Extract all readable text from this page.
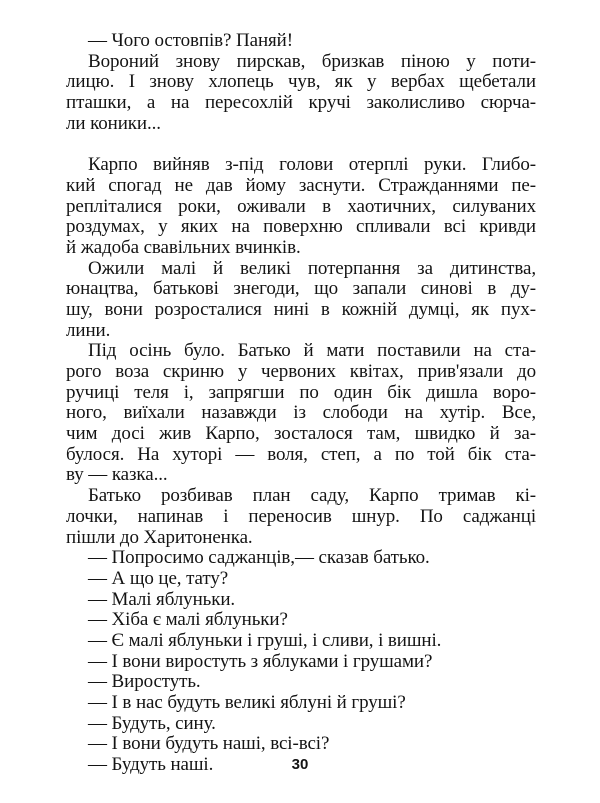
— Чого остовпів? Паняй!
Вороний знову пирскав, бризкав піною у поти-
лицю. І знову хлопець чув, як у вербах щебетали
пташки, а на пересохлій кручі заколисливо сюрча-
ли коники...
Карпо вийняв з-під голови отерплі руки. Глибо-
кий спогад не дав йому заснути. Стражданнями пе-
репліталися роки, оживали в хаотичних, силуваних
роздумах, у яких на поверхню спливали всі кривди
й жадоба свавільних вчинків.
Ожили малі й великі потерпання за дитинства,
юнацтва, батькові знегоди, що запали синові в ду-
шу, вони розросталися нині в кожній думці, як пух-
лини.
Під осінь було. Батько й мати поставили на ста-
рого воза скриню у червоних квітах, прив'язали до
ручиці теля і, запрягши по один бік дишла воро-
ного, виїхали назавжди із слободи на хутір. Все,
чим досі жив Карпо, зосталося там, швидко й за-
булося. На хуторі — воля, степ, а по той бік ста-
ву — казка...
Батько розбивав план саду, Карпо тримав кі-
лочки, напинав і переносив шнур. По саджанці
пішли до Харитоненка.
— Попросимо саджанців,— сказав батько.
— А що це, тату?
— Малі яблуньки.
— Хіба є малі яблуньки?
— Є малі яблуньки і груші, і сливи, і вишні.
— І вони виростуть з яблуками і грушами?
— Виростуть.
— І в нас будуть великі яблуні й груші?
— Будуть, сину.
— І вони будуть наші, всі-всі?
— Будуть наші.	30
